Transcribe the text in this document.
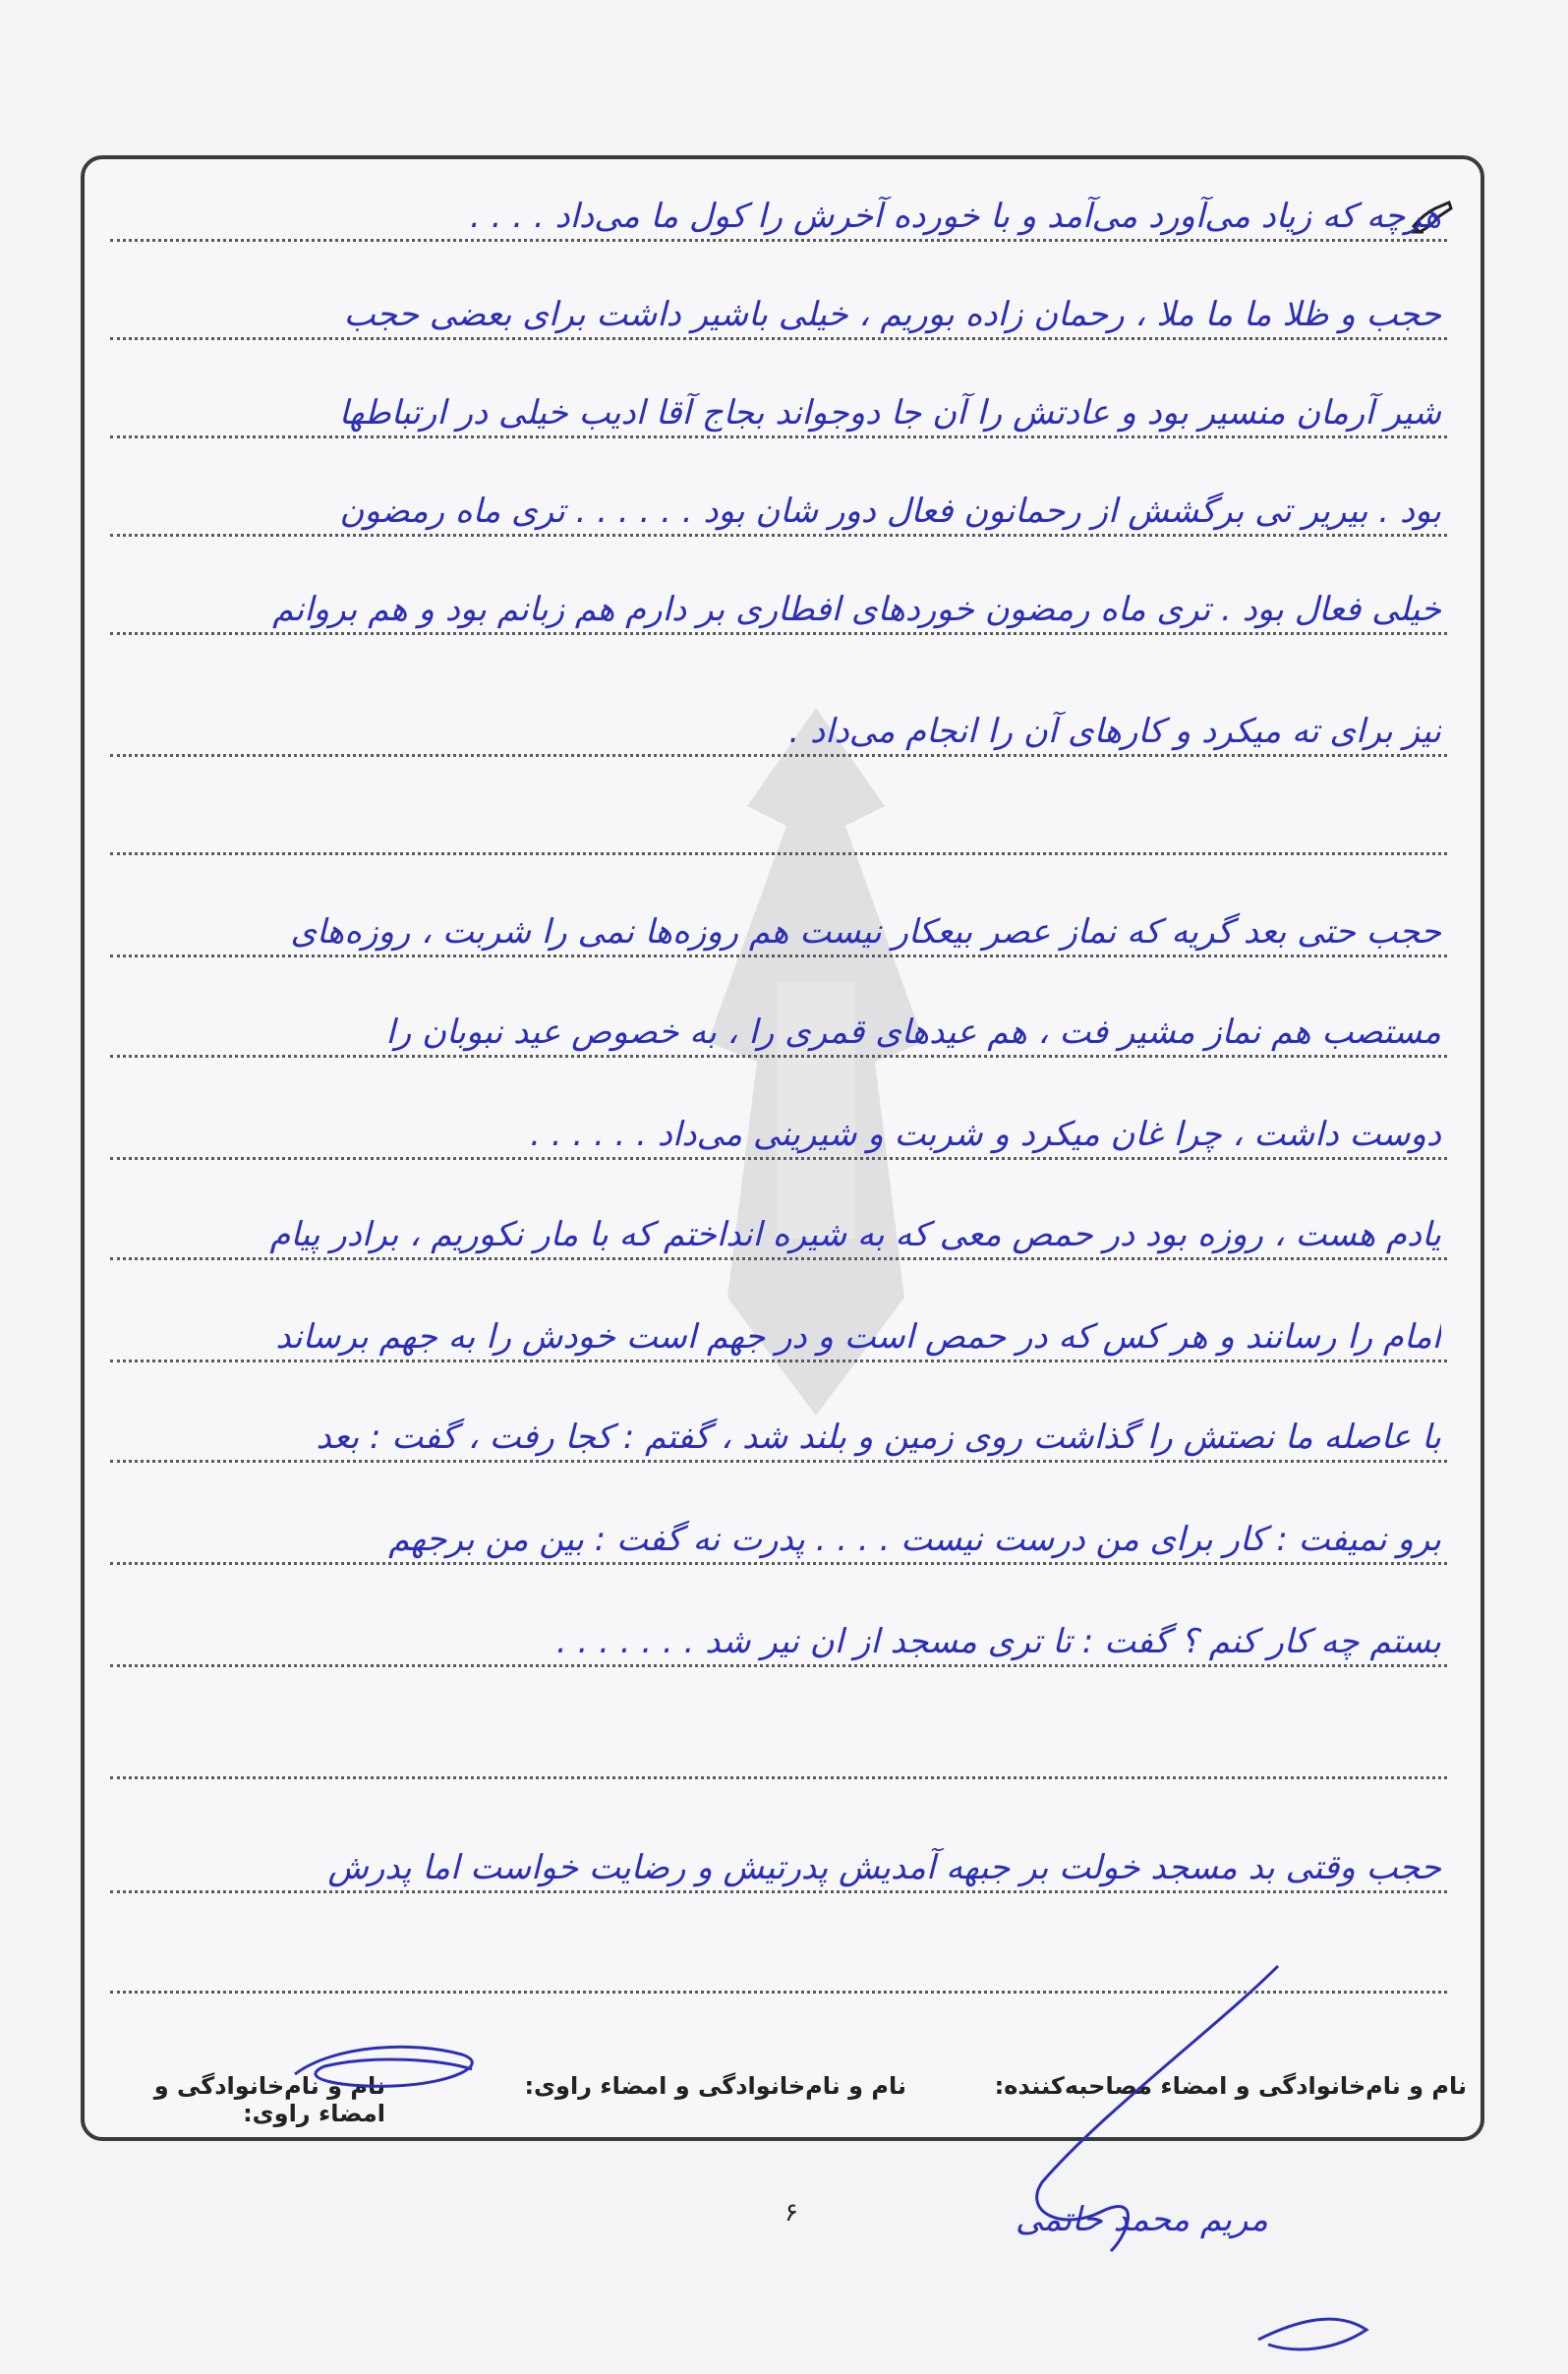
هرچه که زیاد می‌آورد می‌آمد و با خورده آخرش را کول ما می‌داد . . . .
حجب و ظلا ما ما ملا ، رحمان زاده بوریم ، خیلی باشیر داشت برای بعضی حجب
شیر آرمان منسیر بود و عادتش را آن جا دوجواند بجاج آقا ادیب خیلی در ارتباطها
بود . بیریر تی برگشش از رحمانون فعال دور شان بود . . . . . . تری ماه رمضون
خیلی فعال بود . تری ماه رمضون خوردهای افطاری بر دارم هم زبانم بود و هم بروانم
نیز برای ته میکرد و کارهای آن را انجام می‌داد .
حجب حتی بعد گریه که نماز عصر بیعکار نیست هم روزه‌ها نمی را شربت ، روزه‌های
مستصب هم نماز مشیر فت ، هم عیدهای قمری را ، به خصوص عید نبوبان را
دوست داشت ، چرا غان میکرد و شربت و شیرینی می‌داد . . . . . .
یادم هست ، روزه بود در حمص معی که به شیره انداختم که با مار نکوریم ، برادر پیام
امام را رسانند و هر کس که در حمص است و در جهم است خودش را به جهم برساند
با عاصله ما نصتش را گذاشت روی زمین و بلند شد ، گفتم : کجا رفت ، گفت : بعد
برو نمیفت : کار برای من درست نیست . . . . پدرت نه گفت : بین من برجهم
بستم چه کار کنم ؟ گفت : تا تری مسجد از ان نیر شد . . . . . . .
حجب وقتی بد مسجد خولت بر جبهه آمدیش پدرتیش و رضایت خواست اما پدرش
نام و نام‌خانوادگی و امضاء مصاحبه‌کننده:
نام و نام‌خانوادگی و امضاء راوی:
نام و نام‌خانوادگی و امضاء راوی:
مریم محمد حاتمی
۶
